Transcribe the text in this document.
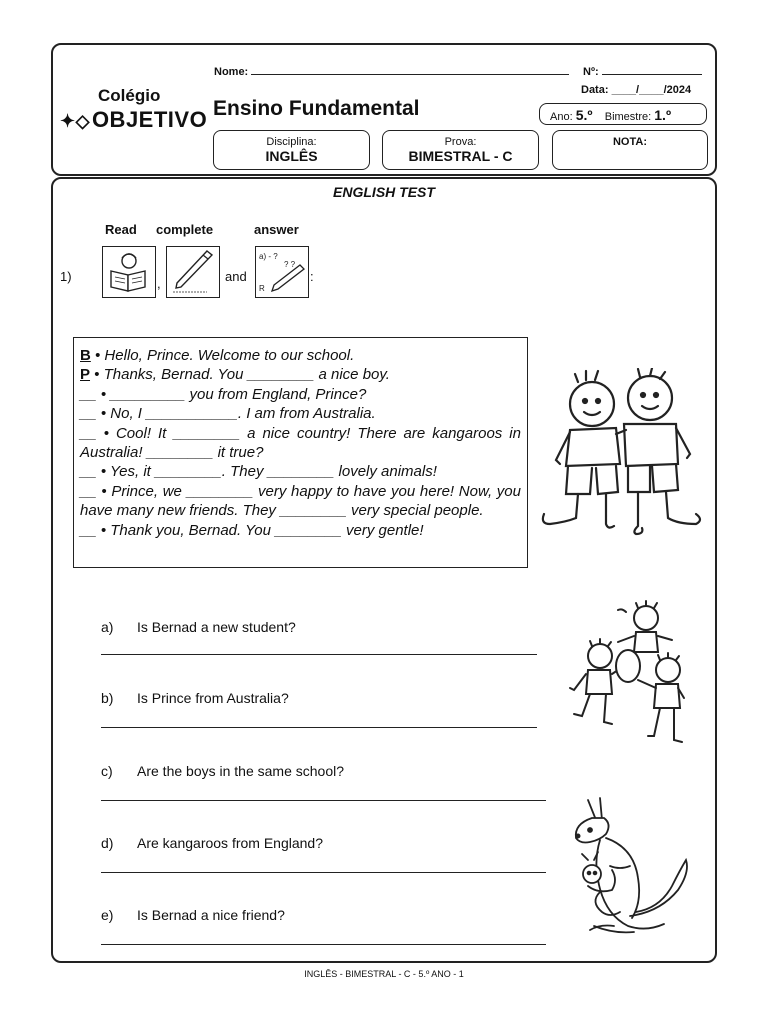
Colégio
✦◇OBJETIVO
Nome:	Nº:
Data: ____/____/2024
Ensino Fundamental	Ano: 5.º Bimestre: 1.º
Disciplina:
INGLÊS
Prova:
BIMESTRAL - C
NOTA:
ENGLISH TEST
Read complete	answer
1)	,	and
a) - ?
? ?
R
:

B • Hello, Prince. Welcome to our school.

P • Thanks, Bernad. You ________ a nice boy.

__ • _________ you from England, Prince?

__ • No, I ___________. I am from Australia.

__ • Cool! It ________ a nice country! There are kangaroos in Australia! ________ it true?

__ • Yes, it ________. They ________ lovely animals!

__ • Prince, we ________ very happy to have you here! Now, you have many new friends. They ________ very special people.

__ • Thank you, Bernad. You ________ very gentle!

a) Is Bernad a new student?
b) Is Prince from Australia?
c) Are the boys in the same school?
d) Are kangaroos from England?
e) Is Bernad a nice friend?
INGLÊS - BIMESTRAL - C - 5.º ANO - 1
